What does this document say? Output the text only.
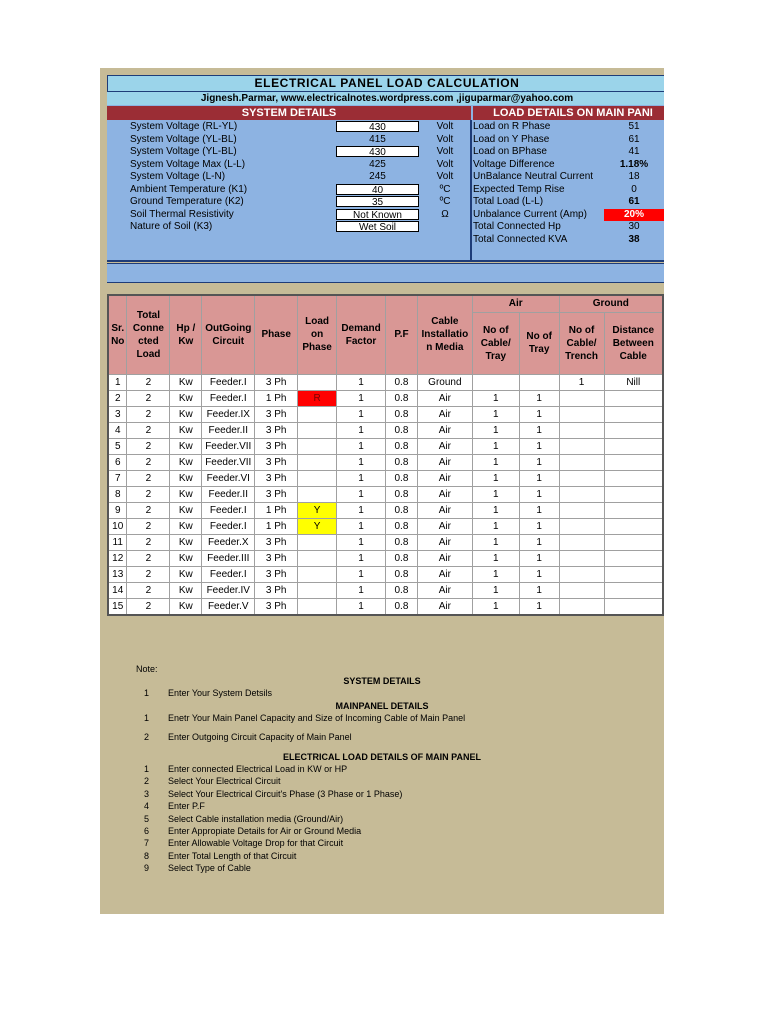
ELECTRICAL PANEL LOAD CALCULATION
Jignesh.Parmar, www.electricalnotes.wordpress.com ,jiguparmar@yahoo.com
SYSTEM DETAILS	LOAD DETAILS ON MAIN PANI
System Voltage (RL-YL)	430	Volt
System Voltage (YL-BL)	415	Volt
System Voltage (YL-BL)	430	Volt
System Voltage Max (L-L)	425	Volt
System Voltage (L-N)	245	Volt
Ambient Temperature (K1)	40	ºC
Ground Temperature (K2)	35	ºC
Soil Thermal Resistivity	Not Known	Ω
Nature of Soil (K3)	Wet Soil
Load on R Phase	51
Load on Y Phase	61
Load on BPhase	41
Voltage Difference	1.18%
UnBalance Neutral Current	18
Expected Temp Rise	0
Total Load (L-L)	61
Unbalance Current (Amp)	20%
Total Connected Hp	30
Total Connected KVA	38
Sr. No	Total Conne cted Load	Hp / Kw	OutGoing Circuit	Phase	Load on Phase	Demand Factor	P.F	Cable Installatio n Media	Air		Ground	
									No of Cable/ Tray	No of Tray	No of Cable/ Trench	Distance Between Cable
1	2	Kw	Feeder.I	3 Ph		1	0.8	Ground			1	Nill
2	2	Kw	Feeder.I	1 Ph	R	1	0.8	Air	1	1		
3	2	Kw	Feeder.IX	3 Ph		1	0.8	Air	1	1		
4	2	Kw	Feeder.II	3 Ph		1	0.8	Air	1	1		
5	2	Kw	Feeder.VII	3 Ph		1	0.8	Air	1	1		
6	2	Kw	Feeder.VII	3 Ph		1	0.8	Air	1	1		
7	2	Kw	Feeder.VI	3 Ph		1	0.8	Air	1	1		
8	2	Kw	Feeder.II	3 Ph		1	0.8	Air	1	1		
9	2	Kw	Feeder.I	1 Ph	Y	1	0.8	Air	1	1		
10	2	Kw	Feeder.I	1 Ph	Y	1	0.8	Air	1	1		
11	2	Kw	Feeder.X	3 Ph		1	0.8	Air	1	1		
12	2	Kw	Feeder.III	3 Ph		1	0.8	Air	1	1		
13	2	Kw	Feeder.I	3 Ph		1	0.8	Air	1	1		
14	2	Kw	Feeder.IV	3 Ph		1	0.8	Air	1	1		
15	2	Kw	Feeder.V	3 Ph		1	0.8	Air	1	1		
Note:
SYSTEM DETAILS
1 Enter Your System Detsils
MAINPANEL DETAILS
1 Enetr Your Main Panel Capacity and Size of Incoming Cable of Main Panel
2 Enter Outgoing Circuit Capacity of Main Panel
ELECTRICAL LOAD DETAILS OF MAIN PANEL
1 Enter connected Electrical Load in KW or HP
2 Select Your Electrical Circuit
3 Select Your Electrical Circuit's Phase (3 Phase or 1 Phase)
4 Enter P.F
5 Select Cable installation media (Ground/Air)
6 Enter Appropiate Details for Air or Ground Media
7 Enter Allowable Voltage Drop for that Circuit
8 Enter Total Length of that Circuit
9 Select Type of Cable
